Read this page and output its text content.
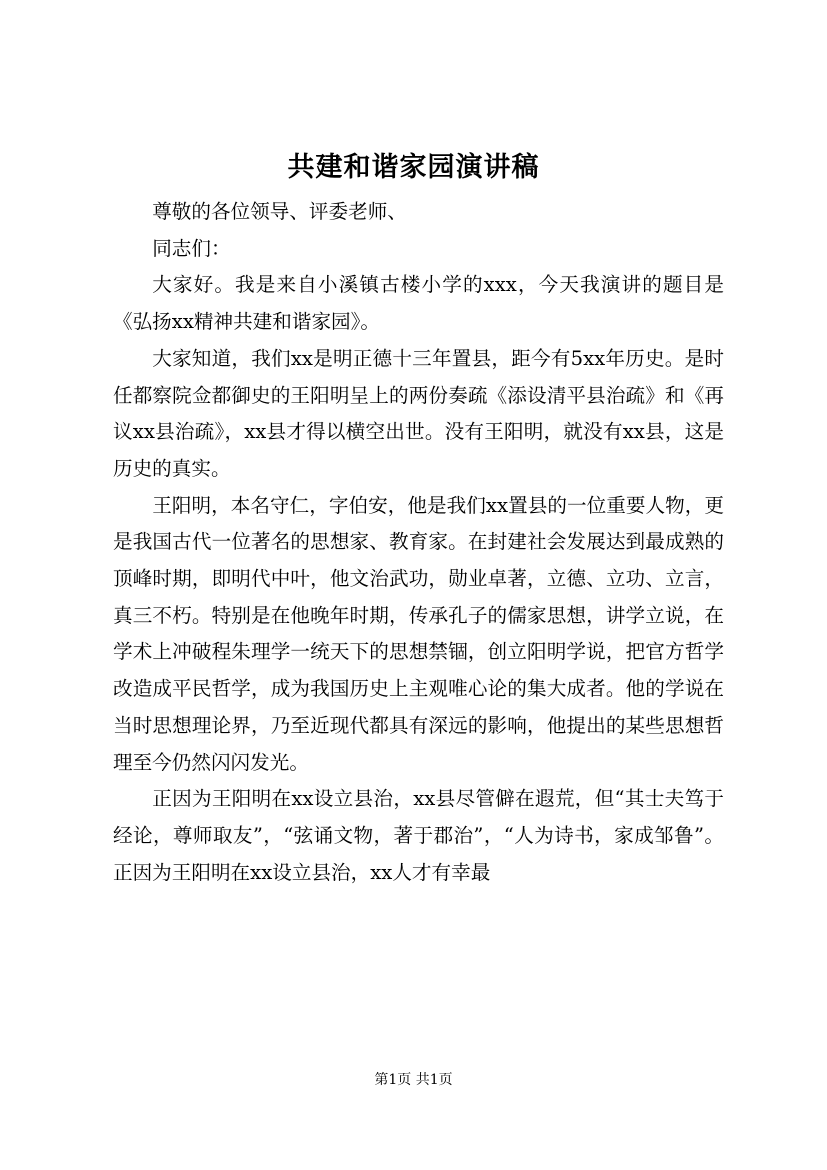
共建和谐家园演讲稿

尊敬的各位领导、评委老师、

同志们：

大家好。我是来自小溪镇古楼小学的xxx，今天我演讲的题目是《弘扬xx精神共建和谐家园》。

大家知道，我们xx是明正德十三年置县，距今有5xx年历史。是时任都察院佥都御史的王阳明呈上的两份奏疏《添设清平县治疏》和《再议xx县治疏》，xx县才得以横空出世。没有王阳明，就没有xx县，这是历史的真实。

王阳明，本名守仁，字伯安，他是我们xx置县的一位重要人物，更是我国古代一位著名的思想家、教育家。在封建社会发展达到最成熟的顶峰时期，即明代中叶，他文治武功，勋业卓著，立德、立功、立言，真三不朽。特别是在他晚年时期，传承孔子的儒家思想，讲学立说，在学术上冲破程朱理学一统天下的思想禁锢，创立阳明学说，把官方哲学改造成平民哲学，成为我国历史上主观唯心论的集大成者。他的学说在当时思想理论界，乃至近现代都具有深远的影响，他提出的某些思想哲理至今仍然闪闪发光。

正因为王阳明在xx设立县治，xx县尽管僻在遐荒，但“其士夫笃于经论，尊师取友”，“弦诵文物，著于郡治”，“人为诗书，家成邹鲁”。正因为王阳明在xx设立县治，xx人才有幸最

第1页 共1页
